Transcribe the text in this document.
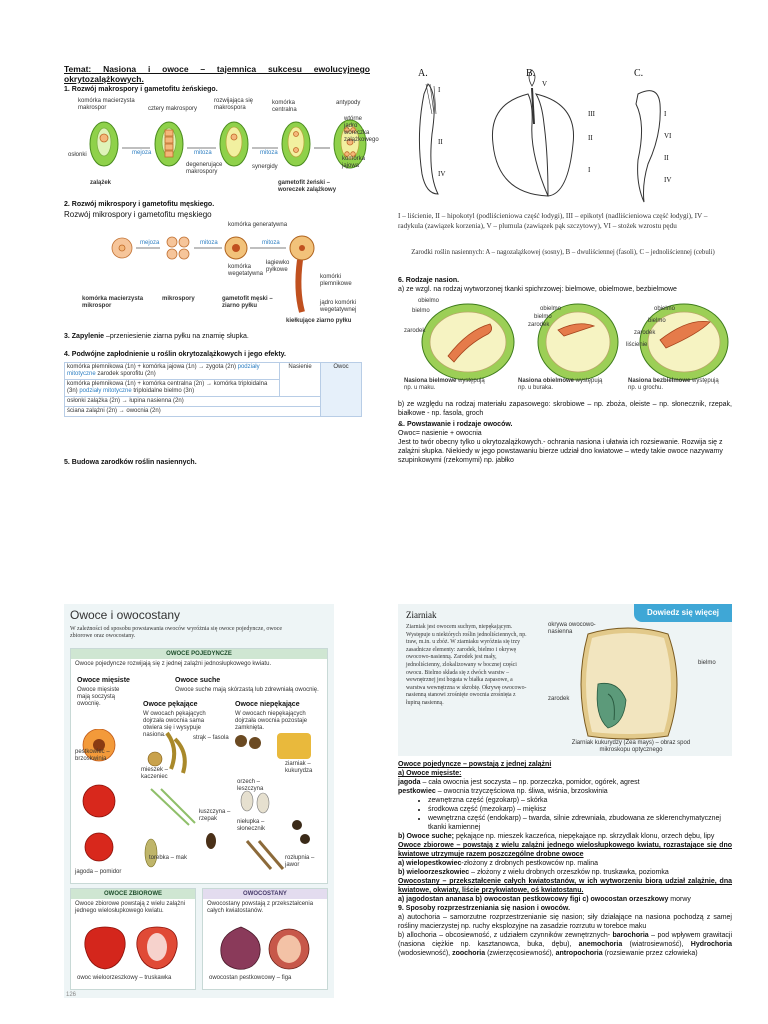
Temat: Nasiona i owoce – tajemnica sukcesu ewolucyjnego okrytozalążkowych.

1. Rozwój makrospory i gametofitu żeńskiego.

komórka macierzysta makrospor	cztery makrospory
rozwijająca się makrospora
komórka centralna
antypody
wtórne jądro woreczka zalążkowego
osłonki	mejoza	mitoza	mitoza
komórka jajowa
degenerujące makrospory
synergidy
zalążek	gametofit żeński – woreczek zalążkowy

2. Rozwój mikrospory i gametofitu męskiego.

Rozwój mikrospory i gametofitu męskiego

komórka generatywna
mejoza	mitoza	mitoza
komórka wegetatywna
łagiewko pyłkowe
komórki plemnikowe
jądro komórki wegetatywnej
komórka macierzysta mikrospor
mikrospory	gametofit męski – ziarno pyłku
kiełkujące ziarno pyłku

3. Zapylenie –przeniesienie ziarna pyłku na znamię słupka.

4. Podwójne zapłodnienie u roślin okrytozalążkowych i jego efekty.

komórka plemnikowa (1n) + komórka jajowa (1n) → zygota (2n) podziały mitotyczne zarodek sporofitu (2n)	Nasienie	Owoc
komórka plemnikowa (1n) + komórka centralna (2n) → komórka triploidalna (3n) podziały mitotyczne triploidalne bielmo (3n)
osłonki zalążka (2n) → łupina nasienna (2n)
ściana zalążni (2n) → owocnia (2n)

5. Budowa zarodków roślin nasiennych.

A.	B.	C.
I
II
IV
V
III
II
I
I
VI
II
IV

I – liścienie, II – hipokotyl (podliścieniowa część łodygi), III – epikotyl (nadliścieniowa część łodygi), IV – radykula (zawiązek korzenia), V – plumula (zawiązek pąk szczytowy), VI – stożek wzrostu pędu

Zarodki roślin nasiennych: A – nagozalążkowej (sosny), B – dwuliściennej (fasoli), C – jednoliściennej (cebuli)

6. Rodzaje nasion.

a) ze wzgl. na rodzaj wytworzonej tkanki spichrzowej: bielmowe, obielmowe, bezbielmowe

obielmo
bielmo
zarodek
obielmo
bielmo
zarodek
obielmo
bielmo
zarodek
liścienie
Nasiona bielmowe występują
np. u maku.
Nasiona obielmowe występują
np. u buraka.
Nasiona bezbielmowe występują
np. u grochu.

b) ze względu na rodzaj materiału zapasowego: skrobiowe – np. zboża, oleiste – np. słonecznik, rzepak, białkowe - np. fasola, groch

&. Powstawanie i rodzaje owoców.

Owoc= nasienie + owocnia

Jest to twór obecny tylko u okrytozalążkowych.- ochrania nasiona i ułatwia ich rozsiewanie. Rozwija się z zalążni słupka. Niekiedy w jego powstawaniu bierze udział dno kwiatowe – wtedy takie owoce nazywamy szupinkowymi (rzekomymi) np. jabłko

Owoce i owocostany

W zależności od sposobu powstawania owoców wyróżnia się owoce pojedyncze, owoce zbiorowe oraz owocostany.

OWOCE POJEDYNCZE

Owoce pojedyncze rozwijają się z jednej zalążni jednosłupkowego kwiatu.

Owoce mięsiste

Owoce mięsiste mają soczystą owocnię.

Owoce suche

Owoce suche mają skórzastą lub zdrewniałą owocnię.

Owoce pękające

W owocach pękających dojrzała owocnia sama otwiera się i wysypuje nasiona.

Owoce niepękające

W owocach niepękających dojrzała owocnia pozostaje zamknięta.

pestkowiec – brzoskwinia
strąk – fasola
mieszek – kaczeniec
ziarniak – kukurydza
jagoda – pomidor
orzech – leszczyna
łuszczyna – rzepak	niełupka – słonecznik
torebka – mak	rozłupnia – jawor
OWOCE ZBIOROWE

Owoce zbiorowe powstają z wielu zalążni jednego wielosłupkowego kwiatu.

owoc wieloorzeszkowy – truskawka
OWOCOSTANY

Owocostany powstają z przekształcenia całych kwiatostanów.

owocostan pestkowcowy – figa
126
Ziarniak	Dowiedz się więcej

Ziarniak jest owocem suchym, niepękającym. Występuje u niektórych roślin jednoliściennych, np. traw, m.in. u zbóż. W ziarniaku wyróżnia się trzy zasadnicze elementy: zarodek, bielmo i okrywę owocowo-nasienną. Zarodek jest mały, jednoliścienny, zlokalizowany w bocznej części owocu. Bielmo składa się z dwóch warstw – wewnętrznej jest bogata w białka zapasowe, a warstwa wewnętrzna w skrobię. Okrywę owocowo-nasienną stanowi zrośnięte owocnia zrośnięta z łupiną nasienną.

okrywa owocowo-nasienna
bielmo
zarodek
Ziarniak kukurydzy (Zea mays) – obraz spod mikroskopu optycznego

Owoce pojedyncze – powstają z jednej zalążni

a) Owoce mięsiste:

jagoda – cała owocnia jest soczysta – np. porzeczka, pomidor, ogórek, agrest

pestkowiec – owocnia trzyczęściowa np. śliwa, wiśnia, brzoskwinia

• zewnętrzna część (egzokarp) – skórka
• środkowa część (mezokarp) – miękisz
• wewnętrzna część (endokarp) – twarda, silnie zdrewniała, zbudowana ze sklerenchymatycznej tkanki kamiennej

b) Owoce suche; pękające np. mieszek kaczeńca, niepękające np. skrzydlak klonu, orzech dębu, lipy

Owoce zbiorowe – powstają z wielu zalążni jednego wielosłupkowego kwiatu, rozrastające się dno kwiatowe utrzymuje razem poszczególne drobne owoce

a) wielopestkowiec-złożony z drobnych pestkowców np. malina

b) wieloorzeszkowiec – złożony z wielu drobnych orzeszków np. truskawka, poziomka

Owocostany – przekształcenie całych kwiatostanów, w ich wytworzeniu biorą udział zalążnie, dna kwiatowe, okwiaty, liście przykwiatowe, oś kwiatostanu.

a) jagodostan ananasa b) owocostan pestkowcowy figi c) owocostan orzeszkowy morwy

9. Sposoby rozprzestrzeniania się nasion i owoców.

a) autochoria – samorzutne rozprzestrzenianie się nasion; siły działające na nasiona pochodzą z samej rośliny macierzystej np. ruchy eksplozyjne na zasadzie rozrzutu w torebce maku

b) allochoria – obcosiewność, z udziałem czynników zewnętrznych- barochoria – pod wpływem grawitacji (nasiona ciężkie np. kasztanowca, buka, dębu), anemochoria (wiatrosiewność), Hydrochoria (wodosiewność), zoochoria (zwierzęcosiewność), antropochoria (rozsiewanie przez człowieka)
